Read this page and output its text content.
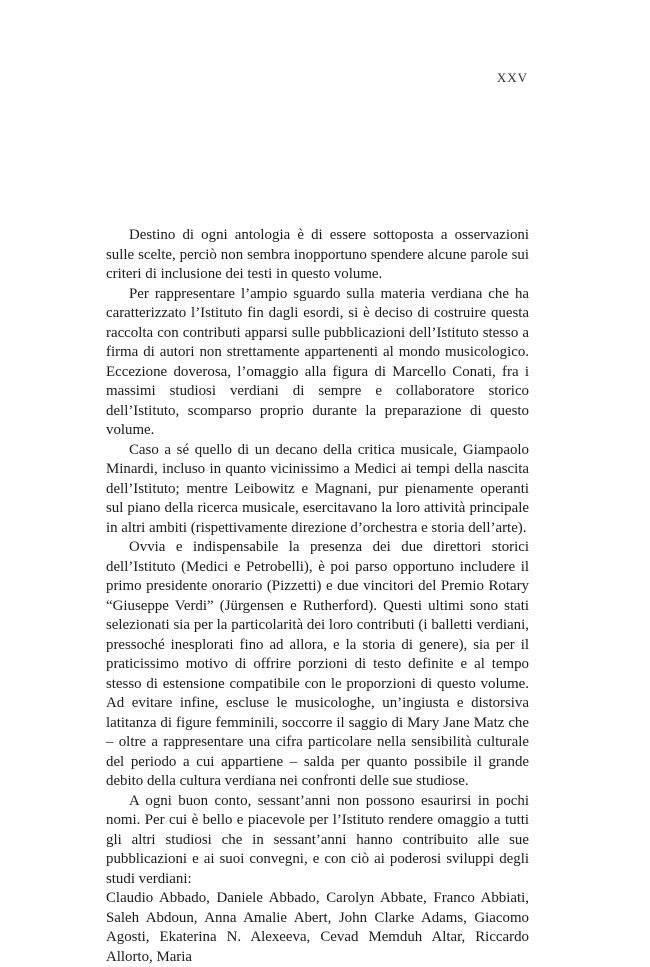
XXV

Destino di ogni antologia è di essere sottoposta a osservazioni sulle scelte, perciò non sembra inopportuno spendere alcune parole sui criteri di inclusione dei testi in questo volume.

Per rappresentare l’ampio sguardo sulla materia verdiana che ha caratterizzato l’Istituto fin dagli esordi, si è deciso di costruire questa raccolta con contributi apparsi sulle pubblicazioni dell’Istituto stesso a firma di autori non strettamente appartenenti al mondo musicologico. Eccezione doverosa, l’omaggio alla figura di Marcello Conati, fra i massimi studiosi verdiani di sempre e collaboratore storico dell’Istituto, scomparso proprio durante la preparazione di questo volume.

Caso a sé quello di un decano della critica musicale, Giampaolo Minardi, incluso in quanto vicinissimo a Medici ai tempi della nascita dell’Istituto; mentre Leibowitz e Magnani, pur pienamente operanti sul piano della ricerca musicale, esercitavano la loro attività principale in altri ambiti (rispettivamente direzione d’orchestra e storia dell’arte).

Ovvia e indispensabile la presenza dei due direttori storici dell’Istituto (Medici e Petrobelli), è poi parso opportuno includere il primo presidente onorario (Pizzetti) e due vincitori del Premio Rotary “Giuseppe Verdi” (Jürgensen e Rutherford). Questi ultimi sono stati selezionati sia per la particolarità dei loro contributi (i balletti verdiani, pressoché inesplorati fino ad allora, e la storia di genere), sia per il praticissimo motivo di offrire porzioni di testo definite e al tempo stesso di estensione compatibile con le proporzioni di questo volume. Ad evitare infine, escluse le musicologhe, un’ingiusta e distorsiva latitanza di figure femminili, soccorre il saggio di Mary Jane Matz che – oltre a rappresentare una cifra particolare nella sensibilità culturale del periodo a cui appartiene – salda per quanto possibile il grande debito della cultura verdiana nei confronti delle sue studiose.

A ogni buon conto, sessant’anni non possono esaurirsi in pochi nomi. Per cui è bello e piacevole per l’Istituto rendere omaggio a tutti gli altri studiosi che in sessant’anni hanno contribuito alle sue pubblicazioni e ai suoi convegni, e con ciò ai poderosi sviluppi degli studi verdiani:

Claudio Abbado, Daniele Abbado, Carolyn Abbate, Franco Abbiati, Saleh Abdoun, Anna Amalie Abert, John Clarke Adams, Giacomo Agosti, Ekaterina N. Alexeeva, Cevad Memduh Altar, Riccardo Allorto, Maria
